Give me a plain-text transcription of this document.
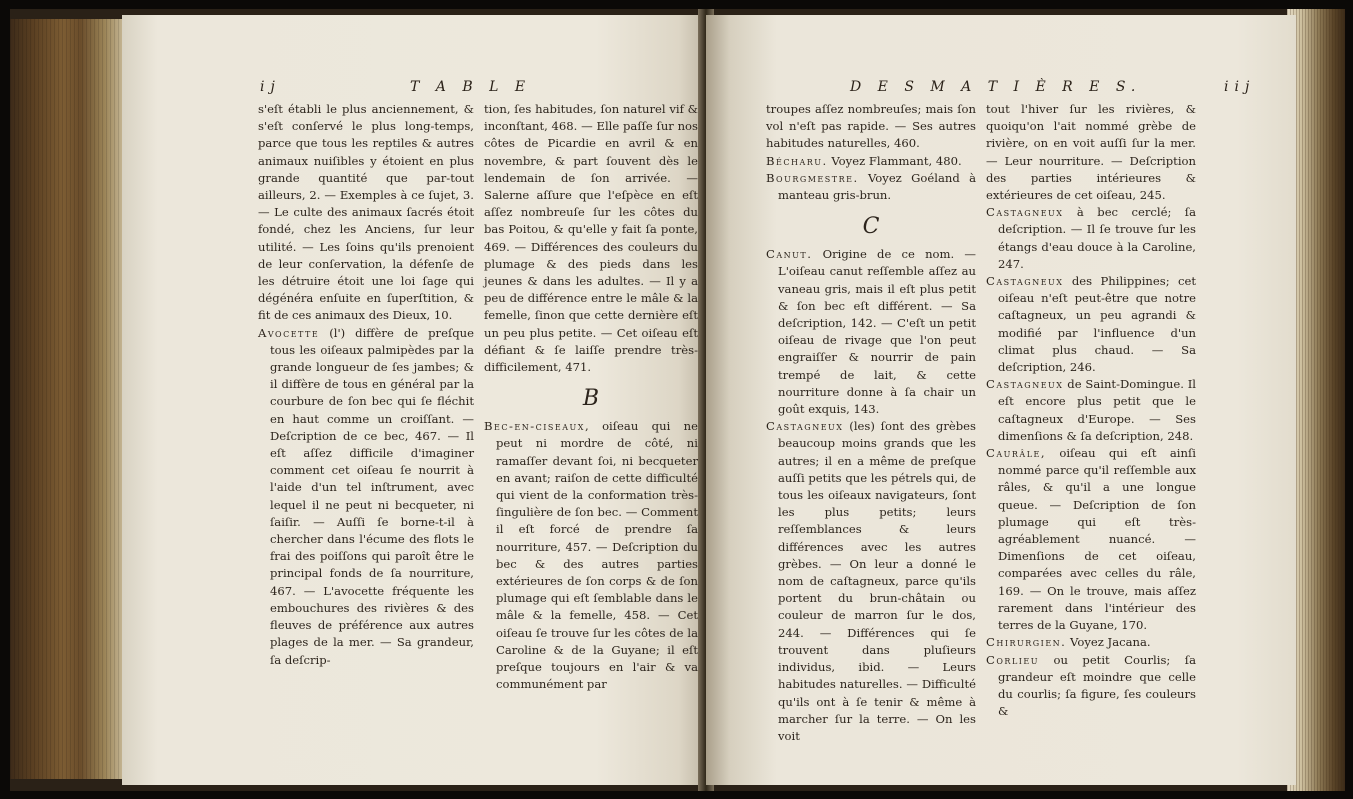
ij	T A B L E

s'eſt établi le plus anciennement, & s'eſt conſervé le plus long-temps, parce que tous les reptiles & autres animaux nuiſibles y étoient en plus grande quantité que par-tout ailleurs, 2. — Exemples à ce ſujet, 3. — Le culte des animaux ſacrés étoit fondé, chez les Anciens, ſur leur utilité. — Les ſoins qu'ils prenoient de leur conſervation, la défenſe de les détruire étoit une loi ſage qui dégénéra enſuite en ſuperſtition, & fit de ces animaux des Dieux, 10.

Avocette (l') diffère de preſque tous les oiſeaux palmipèdes par la grande longueur de ſes jambes; & il diffère de tous en général par la courbure de ſon bec qui ſe fléchit en haut comme un croiſſant. — Deſcription de ce bec, 467. — Il eſt aſſez difficile d'imaginer comment cet oiſeau ſe nourrit à l'aide d'un tel inſtrument, avec lequel il ne peut ni becqueter, ni ſaiſir. — Auſſi ſe borne-t-il à chercher dans l'écume des flots le frai des poiſſons qui paroît être le principal fonds de ſa nourriture, 467. — L'avocette fréquente les embouchures des rivières & des fleuves de préférence aux autres plages de la mer. — Sa grandeur, ſa deſcrip-

tion, ſes habitudes, ſon naturel vif & inconſtant, 468. — Elle paſſe ſur nos côtes de Picardie en avril & en novembre, & part ſouvent dès le lendemain de ſon arrivée. — Salerne aſſure que l'eſpèce en eſt aſſez nombreuſe ſur les côtes du bas Poitou, & qu'elle y fait ſa ponte, 469. — Différences des couleurs du plumage & des pieds dans les jeunes & dans les adultes. — Il y a peu de différence entre le mâle & la femelle, ſinon que cette dernière eſt un peu plus petite. — Cet oiſeau eſt défiant & ſe laiſſe prendre très-difficilement, 471.

B

Bec-en-ciseaux, oiſeau qui ne peut ni mordre de côté, ni ramaſſer devant ſoi, ni becqueter en avant; raiſon de cette difficulté qui vient de la conformation très-ſingulière de ſon bec. — Comment il eſt forcé de prendre ſa nourriture, 457. — Deſcription du bec & des autres parties extérieures de ſon corps & de ſon plumage qui eſt ſemblable dans le mâle & la femelle, 458. — Cet oiſeau ſe trouve ſur les côtes de la Caroline & de la Guyane; il eſt preſque toujours en l'air & va communément par

D E S M A T I È R E S.	iij

troupes aſſez nombreuſes; mais ſon vol n'eſt pas rapide. — Ses autres habitudes naturelles, 460.

Bécharu. Voyez Flammant, 480.

Bourgmestre. Voyez Goéland à manteau gris-brun.

C

Canut. Origine de ce nom. — L'oiſeau canut reſſemble aſſez au vaneau gris, mais il eſt plus petit & ſon bec eſt différent. — Sa deſcription, 142. — C'eſt un petit oiſeau de rivage que l'on peut engraiſſer & nourrir de pain trempé de lait, & cette nourriture donne à ſa chair un goût exquis, 143.

Castagneux (les) ſont des grèbes beaucoup moins grands que les autres; il en a même de preſque auſſi petits que les pétrels qui, de tous les oiſeaux navigateurs, ſont les plus petits; leurs reſſemblances & leurs différences avec les autres grèbes. — On leur a donné le nom de caſtagneux, parce qu'ils portent du brun-châtain ou couleur de marron ſur le dos, 244. — Différences qui ſe trouvent dans pluſieurs individus, ibid. — Leurs habitudes naturelles. — Difficulté qu'ils ont à ſe tenir & même à marcher ſur la terre. — On les voit

tout l'hiver ſur les rivières, & quoiqu'on l'ait nommé grèbe de rivière, on en voit auſſi ſur la mer. — Leur nourriture. — Deſcription des parties intérieures & extérieures de cet oiſeau, 245.

Castagneux à bec cerclé; ſa deſcription. — Il ſe trouve ſur les étangs d'eau douce à la Caroline, 247.

Castagneux des Philippines; cet oiſeau n'eſt peut-être que notre caſtagneux, un peu agrandi & modifié par l'influence d'un climat plus chaud. — Sa deſcription, 246.

Castagneux de Saint-Domingue. Il eſt encore plus petit que le caſtagneux d'Europe. — Ses dimenſions & ſa deſcription, 248.

Caurâle, oiſeau qui eſt ainſi nommé parce qu'il reſſemble aux râles, & qu'il a une longue queue. — Deſcription de ſon plumage qui eſt très-agréablement nuancé. — Dimenſions de cet oiſeau, comparées avec celles du râle, 169. — On le trouve, mais aſſez rarement dans l'intérieur des terres de la Guyane, 170.

Chirurgien. Voyez Jacana.

Corlieu ou petit Courlis; ſa grandeur eſt moindre que celle du courlis; ſa figure, ſes couleurs &
